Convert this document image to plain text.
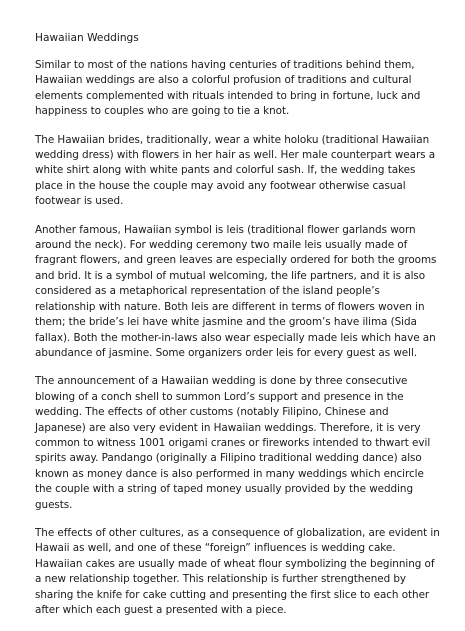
Hawaiian Weddings

Similar to most of the nations having centuries of traditions behind them, Hawaiian weddings are also a colorful profusion of traditions and cultural elements complemented with rituals intended to bring in fortune, luck and happiness to couples who are going to tie a knot.

The Hawaiian brides, traditionally, wear a white holoku (traditional Hawaiian wedding dress) with flowers in her hair as well. Her male counterpart wears a white shirt along with white pants and colorful sash. If, the wedding takes place in the house the couple may avoid any footwear otherwise casual footwear is used.

Another famous, Hawaiian symbol is leis (traditional flower garlands worn around the neck). For wedding ceremony two maile leis usually made of fragrant flowers, and green leaves are especially ordered for both the grooms and brid. It is a symbol of mutual welcoming, the life partners, and it is also considered as a metaphorical representation of the island people’s relationship with nature. Both leis are different in terms of flowers woven in them; the bride’s lei have white jasmine and the groom’s have ilima (Sida fallax). Both the mother-in-laws also wear especially made leis which have an abundance of jasmine. Some organizers order leis for every guest as well.

The announcement of a Hawaiian wedding is done by three consecutive blowing of a conch shell to summon Lord’s support and presence in the wedding. The effects of other customs (notably Filipino, Chinese and Japanese) are also very evident in Hawaiian weddings. Therefore, it is very common to witness 1001 origami cranes or fireworks intended to thwart evil spirits away. Pandango (originally a Filipino traditional wedding dance) also known as money dance is also performed in many weddings which encircle the couple with a string of taped money usually provided by the wedding guests.

The effects of other cultures, as a consequence of globalization, are evident in Hawaii as well, and one of these “foreign” influences is wedding cake. Hawaiian cakes are usually made of wheat flour symbolizing the beginning of a new relationship together. This relationship is further strengthened by sharing the knife for cake cutting and presenting the first slice to each other after which each guest a presented with a piece.
